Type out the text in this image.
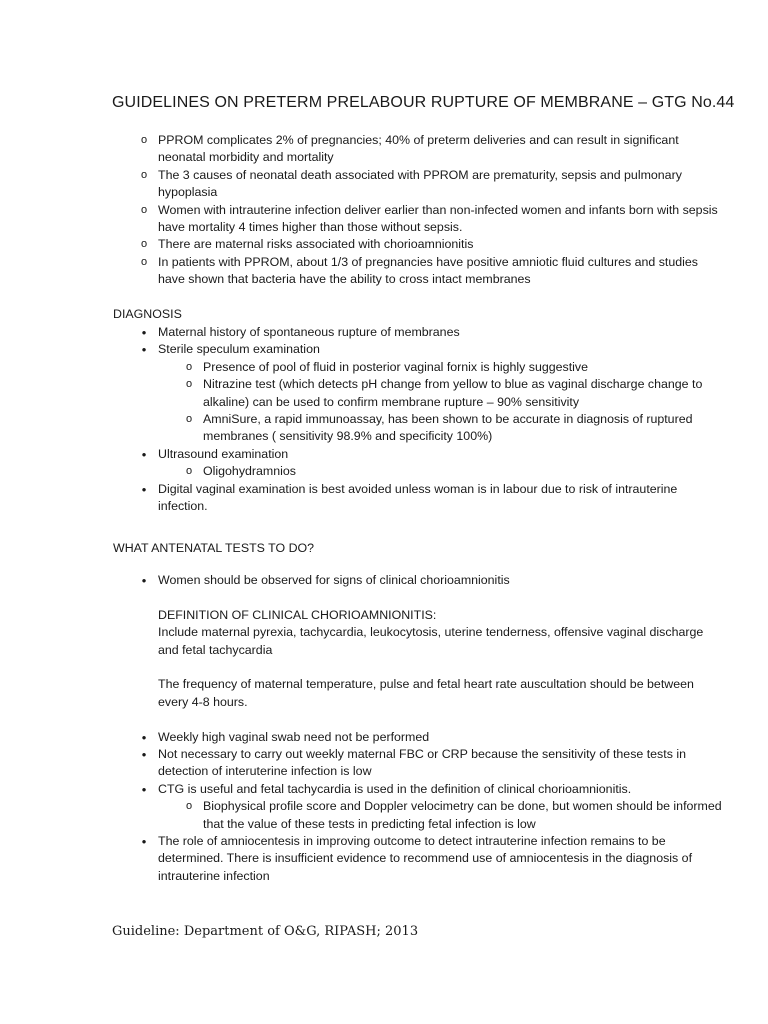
GUIDELINES ON PRETERM PRELABOUR RUPTURE OF MEMBRANE – GTG No.44
o PPROM complicates 2% of pregnancies; 40% of preterm deliveries and can result in significant neonatal morbidity and mortality
o The 3 causes of neonatal death associated with PPROM are prematurity, sepsis and pulmonary hypoplasia
o Women with intrauterine infection deliver earlier than non-infected women and infants born with sepsis have mortality 4 times higher than those without sepsis.
o There are maternal risks associated with chorioamnionitis
o In patients with PPROM, about 1/3 of pregnancies have positive amniotic fluid cultures and studies have shown that bacteria have the ability to cross intact membranes

DIAGNOSIS

• Maternal history of spontaneous rupture of membranes
• Sterile speculum examination
o Presence of pool of fluid in posterior vaginal fornix is highly suggestive
o Nitrazine test (which detects pH change from yellow to blue as vaginal discharge change to alkaline) can be used to confirm membrane rupture – 90% sensitivity
o AmniSure, a rapid immunoassay, has been shown to be accurate in diagnosis of ruptured membranes ( sensitivity 98.9% and specificity 100%)
• Ultrasound examination
o Oligohydramnios
• Digital vaginal examination is best avoided unless woman is in labour due to risk of intrauterine infection.

WHAT ANTENATAL TESTS TO DO?

• Women should be observed for signs of clinical chorioamnionitis

DEFINITION OF CLINICAL CHORIOAMNIONITIS:

Include maternal pyrexia, tachycardia, leukocytosis, uterine tenderness, offensive vaginal discharge and fetal tachycardia

The frequency of maternal temperature, pulse and fetal heart rate auscultation should be between every 4-8 hours.

• Weekly high vaginal swab need not be performed
• Not necessary to carry out weekly maternal FBC or CRP because the sensitivity of these tests in detection of interuterine infection is low
• CTG is useful and fetal tachycardia is used in the definition of clinical chorioamnionitis.
o Biophysical profile score and Doppler velocimetry can be done, but women should be informed that the value of these tests in predicting fetal infection is low
• The role of amniocentesis in improving outcome to detect intrauterine infection remains to be determined. There is insufficient evidence to recommend use of amniocentesis in the diagnosis of intrauterine infection

Guideline: Department of O&G, RIPASH; 2013
